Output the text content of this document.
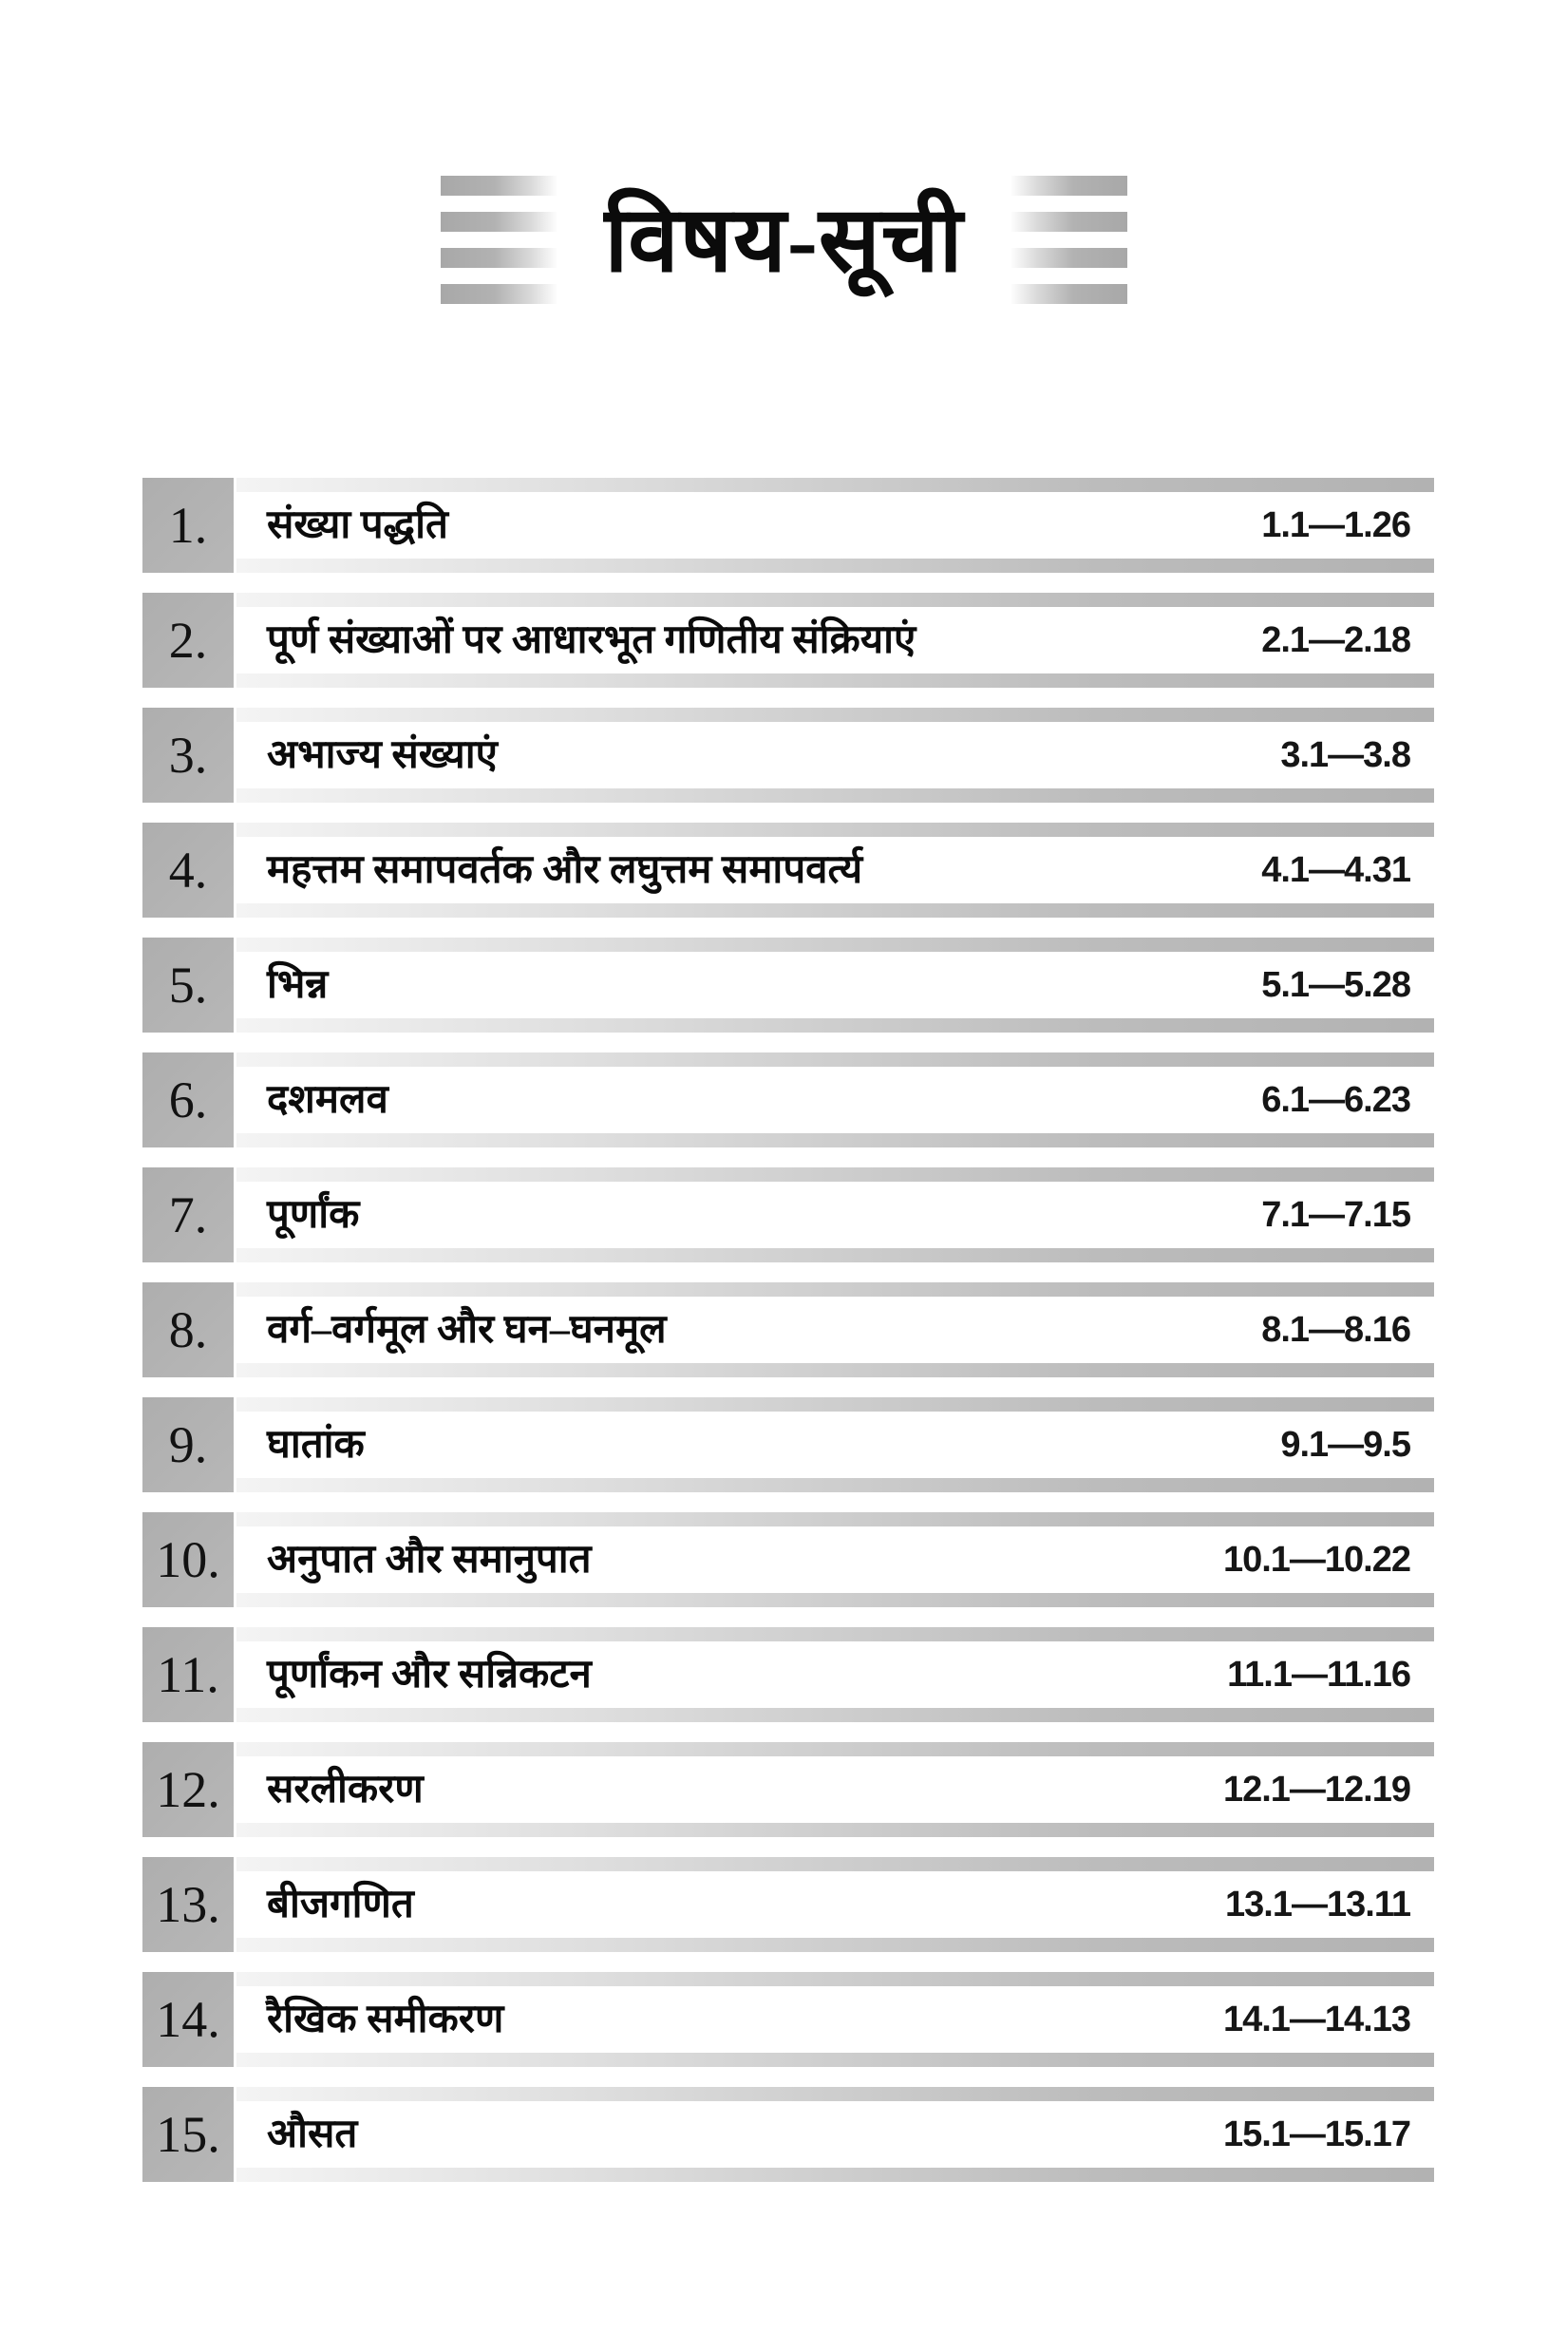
विषय-सूची
1.	संख्या पद्धति	1.1—1.26
2.	पूर्ण संख्याओं पर आधारभूत गणितीय संक्रियाएं	2.1—2.18
3.	अभाज्य संख्याएं	3.1—3.8
4.	महत्तम समापवर्तक और लघुत्तम समापवर्त्य	4.1—4.31
5.	भिन्न	5.1—5.28
6.	दशमलव	6.1—6.23
7.	पूर्णांक	7.1—7.15
8.	वर्ग–वर्गमूल और घन–घनमूल	8.1—8.16
9.	घातांक	9.1—9.5
10.	अनुपात और समानुपात	10.1—10.22
11.	पूर्णांकन और सन्निकटन	11.1—11.16
12.	सरलीकरण	12.1—12.19
13.	बीजगणित	13.1—13.11
14.	रैखिक समीकरण	14.1—14.13
15.	औसत	15.1—15.17
